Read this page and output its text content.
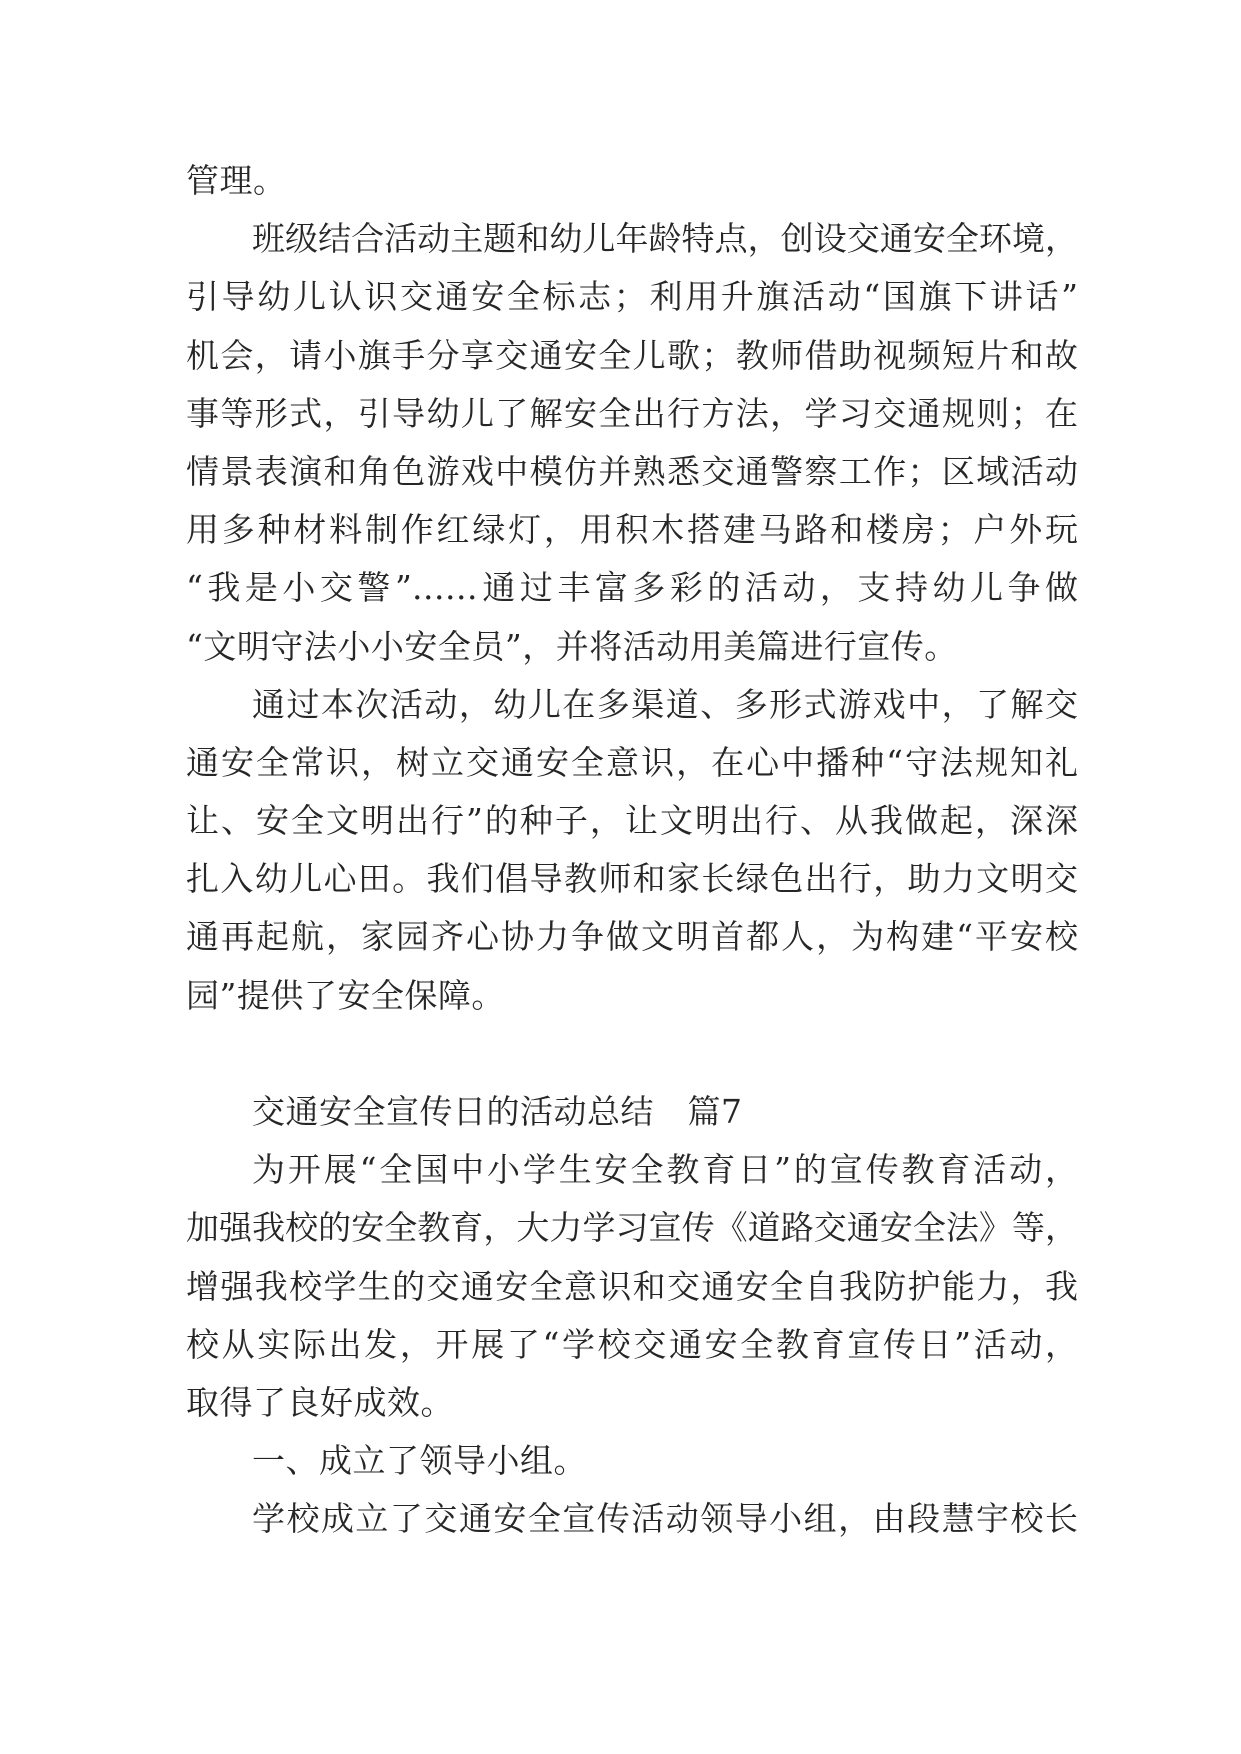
管理。
班级结合活动主题和幼儿年龄特点，创设交通安全环境，
引导幼儿认识交通安全标志；利用升旗活动“国旗下讲话”
机会，请小旗手分享交通安全儿歌；教师借助视频短片和故
事等形式，引导幼儿了解安全出行方法，学习交通规则；在
情景表演和角色游戏中模仿并熟悉交通警察工作；区域活动
用多种材料制作红绿灯，用积木搭建马路和楼房；户外玩
“我是小交警”……通过丰富多彩的活动，支持幼儿争做
“文明守法小小安全员”，并将活动用美篇进行宣传。
通过本次活动，幼儿在多渠道、多形式游戏中，了解交
通安全常识，树立交通安全意识，在心中播种“守法规知礼
让、安全文明出行”的种子，让文明出行、从我做起，深深
扎入幼儿心田。我们倡导教师和家长绿色出行，助力文明交
通再起航，家园齐心协力争做文明首都人，为构建“平安校
园”提供了安全保障。
交通安全宣传日的活动总结　篇7
为开展“全国中小学生安全教育日”的宣传教育活动，
加强我校的安全教育，大力学习宣传《道路交通安全法》等，
增强我校学生的交通安全意识和交通安全自我防护能力，我
校从实际出发，开展了“学校交通安全教育宣传日”活动，
取得了良好成效。
一、成立了领导小组。
学校成立了交通安全宣传活动领导小组，由段慧宇校长
